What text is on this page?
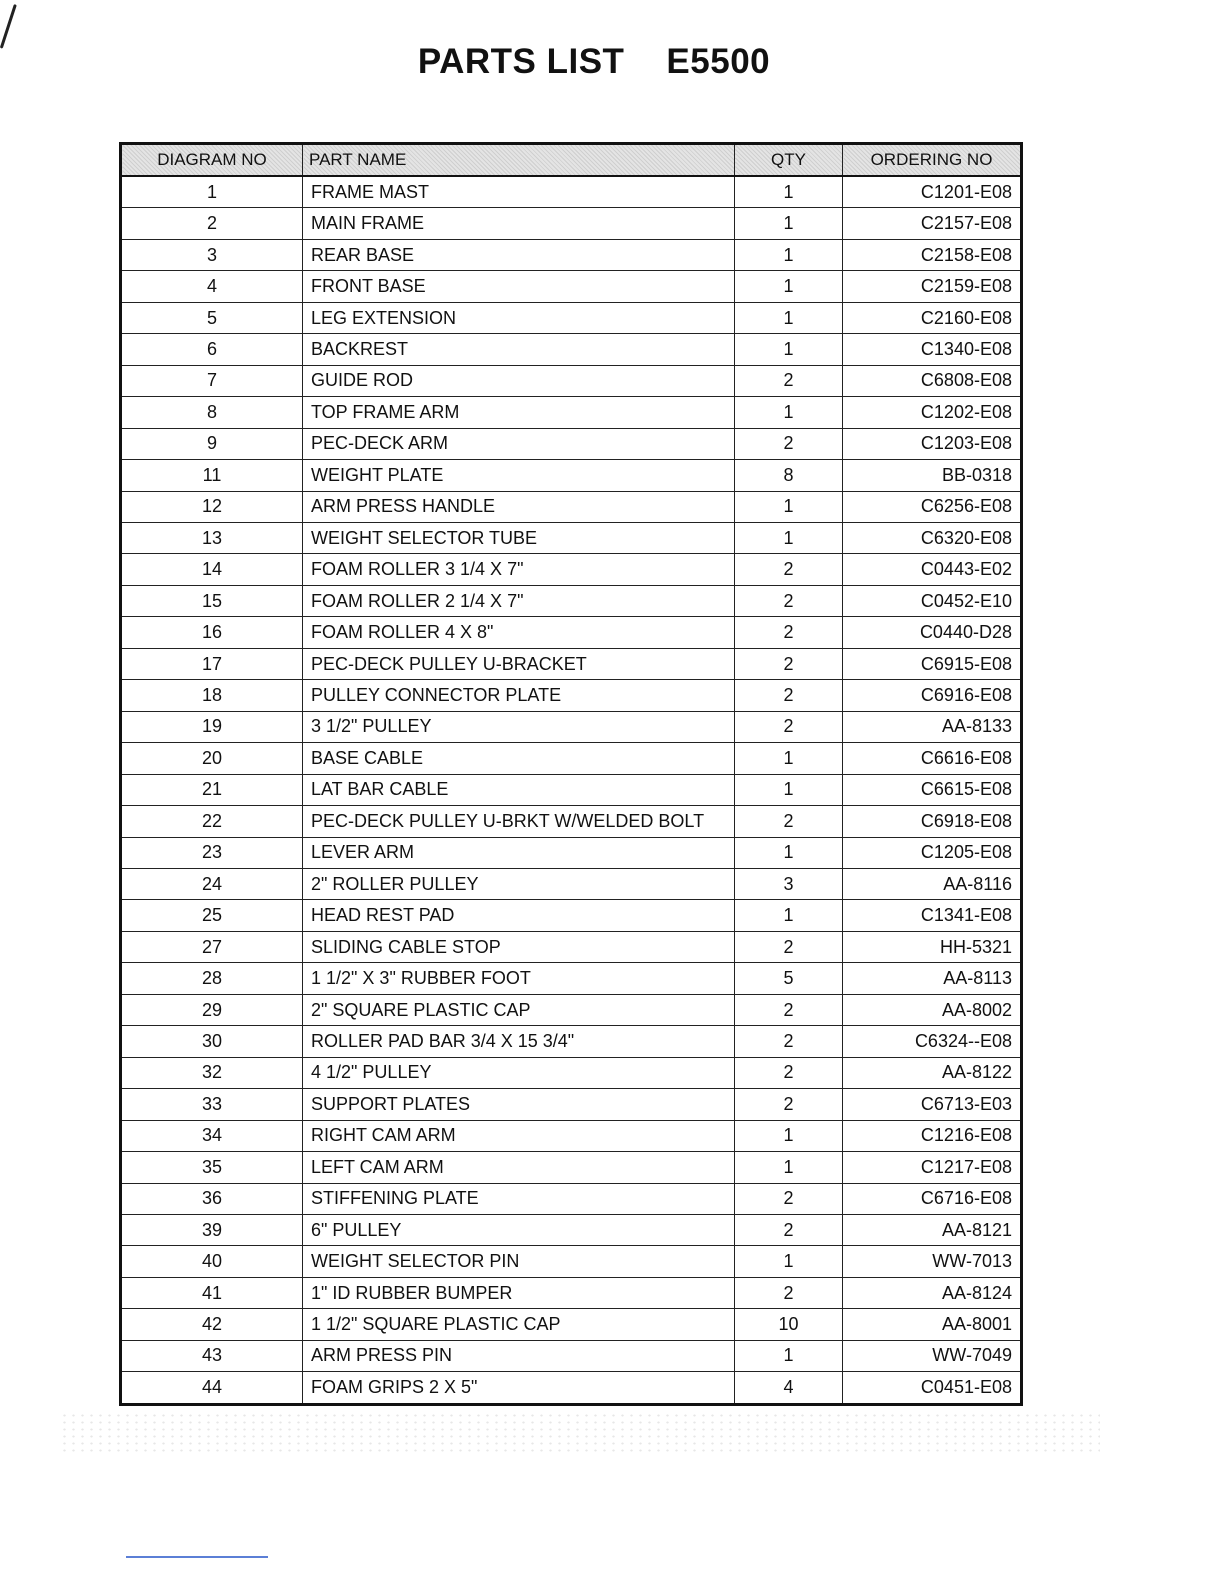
PARTS LIST E5500
DIAGRAM NO	PART NAME	QTY	ORDERING NO
1	FRAME MAST	1	C1201-E08
2	MAIN FRAME	1	C2157-E08
3	REAR BASE	1	C2158-E08
4	FRONT BASE	1	C2159-E08
5	LEG EXTENSION	1	C2160-E08
6	BACKREST	1	C1340-E08
7	GUIDE ROD	2	C6808-E08
8	TOP FRAME ARM	1	C1202-E08
9	PEC-DECK ARM	2	C1203-E08
11	WEIGHT PLATE	8	BB-0318
12	ARM PRESS HANDLE	1	C6256-E08
13	WEIGHT SELECTOR TUBE	1	C6320-E08
14	FOAM ROLLER 3 1/4 X 7"	2	C0443-E02
15	FOAM ROLLER 2 1/4 X 7"	2	C0452-E10
16	FOAM ROLLER 4 X 8"	2	C0440-D28
17	PEC-DECK PULLEY U-BRACKET	2	C6915-E08
18	PULLEY CONNECTOR PLATE	2	C6916-E08
19	3 1/2" PULLEY	2	AA-8133
20	BASE CABLE	1	C6616-E08
21	LAT BAR CABLE	1	C6615-E08
22	PEC-DECK PULLEY U-BRKT W/WELDED BOLT	2	C6918-E08
23	LEVER ARM	1	C1205-E08
24	2" ROLLER PULLEY	3	AA-8116
25	HEAD REST PAD	1	C1341-E08
27	SLIDING CABLE STOP	2	HH-5321
28	1 1/2" X 3" RUBBER FOOT	5	AA-8113
29	2" SQUARE PLASTIC CAP	2	AA-8002
30	ROLLER PAD BAR 3/4 X 15 3/4"	2	C6324--E08
32	4 1/2" PULLEY	2	AA-8122
33	SUPPORT PLATES	2	C6713-E03
34	RIGHT CAM ARM	1	C1216-E08
35	LEFT CAM ARM	1	C1217-E08
36	STIFFENING PLATE	2	C6716-E08
39	6" PULLEY	2	AA-8121
40	WEIGHT SELECTOR PIN	1	WW-7013
41	1" ID RUBBER BUMPER	2	AA-8124
42	1 1/2" SQUARE PLASTIC CAP	10	AA-8001
43	ARM PRESS PIN	1	WW-7049
44	FOAM GRIPS 2 X 5"	4	C0451-E08
